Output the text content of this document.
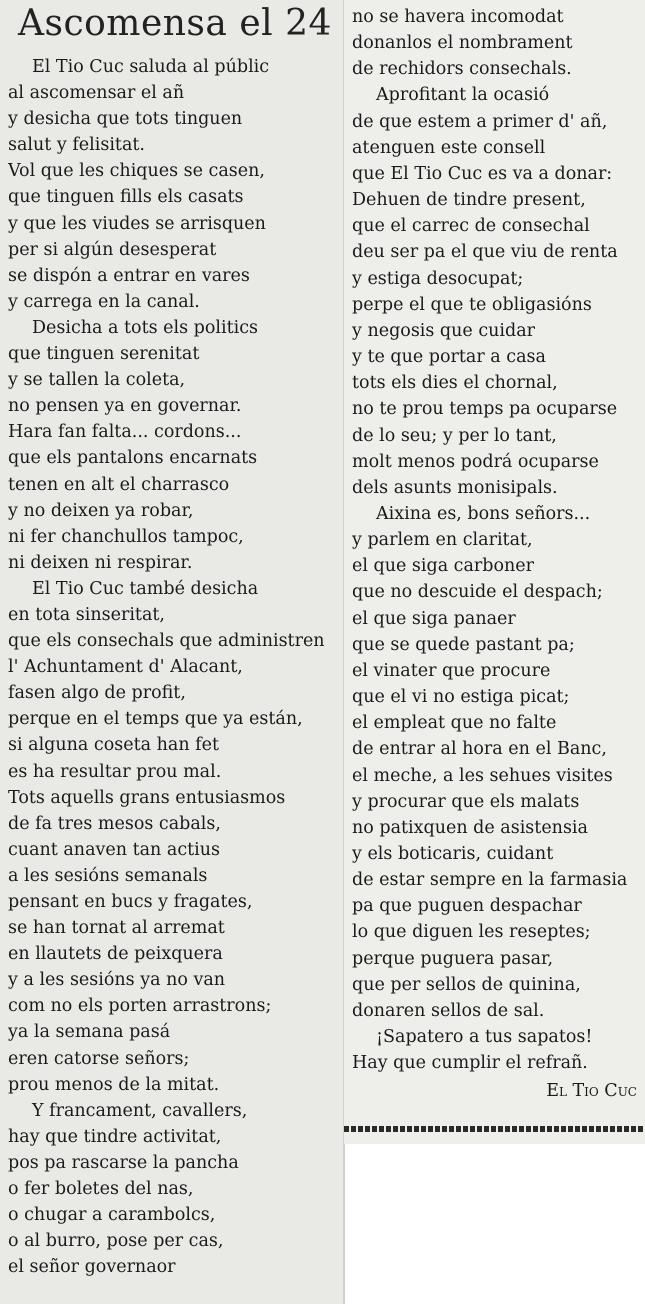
Ascomensa el 24
El Tio Cuc saluda al públic
al ascomensar el añ
y desicha que tots tinguen
salut y felisitat.
Vol que les chiques se casen,
que tinguen fills els casats
y que les viudes se arrisquen
per si algún desesperat
se dispón a entrar en vares
y carrega en la canal.
Desicha a tots els politics
que tinguen serenitat
y se tallen la coleta,
no pensen ya en governar.
Hara fan falta... cordons...
que els pantalons encarnats
tenen en alt el charrasco
y no deixen ya robar,
ni fer chanchullos tampoc,
ni deixen ni respirar.
El Tio Cuc també desicha
en tota sinseritat,
que els consechals que administren
l' Achuntament d' Alacant,
fasen algo de profit,
perque en el temps que ya están,
si alguna coseta han fet
es ha resultar prou mal.
Tots aquells grans entusiasmos
de fa tres mesos cabals,
cuant anaven tan actius
a les sesións semanals
pensant en bucs y fragates,
se han tornat al arremat
en llautets de peixquera
y a les sesións ya no van
com no els porten arrastrons;
ya la semana pasá
eren catorse señors;
prou menos de la mitat.
Y francament, cavallers,
hay que tindre activitat,
pos pa rascarse la pancha
o fer boletes del nas,
o chugar a carambolcs,
o al burro, pose per cas,
el señor governaor
no se havera incomodat
donanlos el nombrament
de rechidors consechals.
Aprofitant la ocasió
de que estem a primer d' añ,
atenguen este consell
que El Tio Cuc es va a donar:
Dehuen de tindre present,
que el carrec de consechal
deu ser pa el que viu de renta
y estiga desocupat;
perpe el que te obligasións
y negosis que cuidar
y te que portar a casa
tots els dies el chornal,
no te prou temps pa ocuparse
de lo seu; y per lo tant,
molt menos podrá ocuparse
dels asunts monisipals.
Aixina es, bons señors...
y parlem en claritat,
el que siga carboner
que no descuide el despach;
el que siga panaer
que se quede pastant pa;
el vinater que procure
que el vi no estiga picat;
el empleat que no falte
de entrar al hora en el Banc,
el meche, a les sehues visites
y procurar que els malats
no patixquen de asistensia
y els boticaris, cuidant
de estar sempre en la farmasia
pa que puguen despachar
lo que diguen les reseptes;
perque puguera pasar,
que per sellos de quinina,
donaren sellos de sal.
¡Sapatero a tus sapatos!
Hay que cumplir el refrañ.
El Tio Cuc
